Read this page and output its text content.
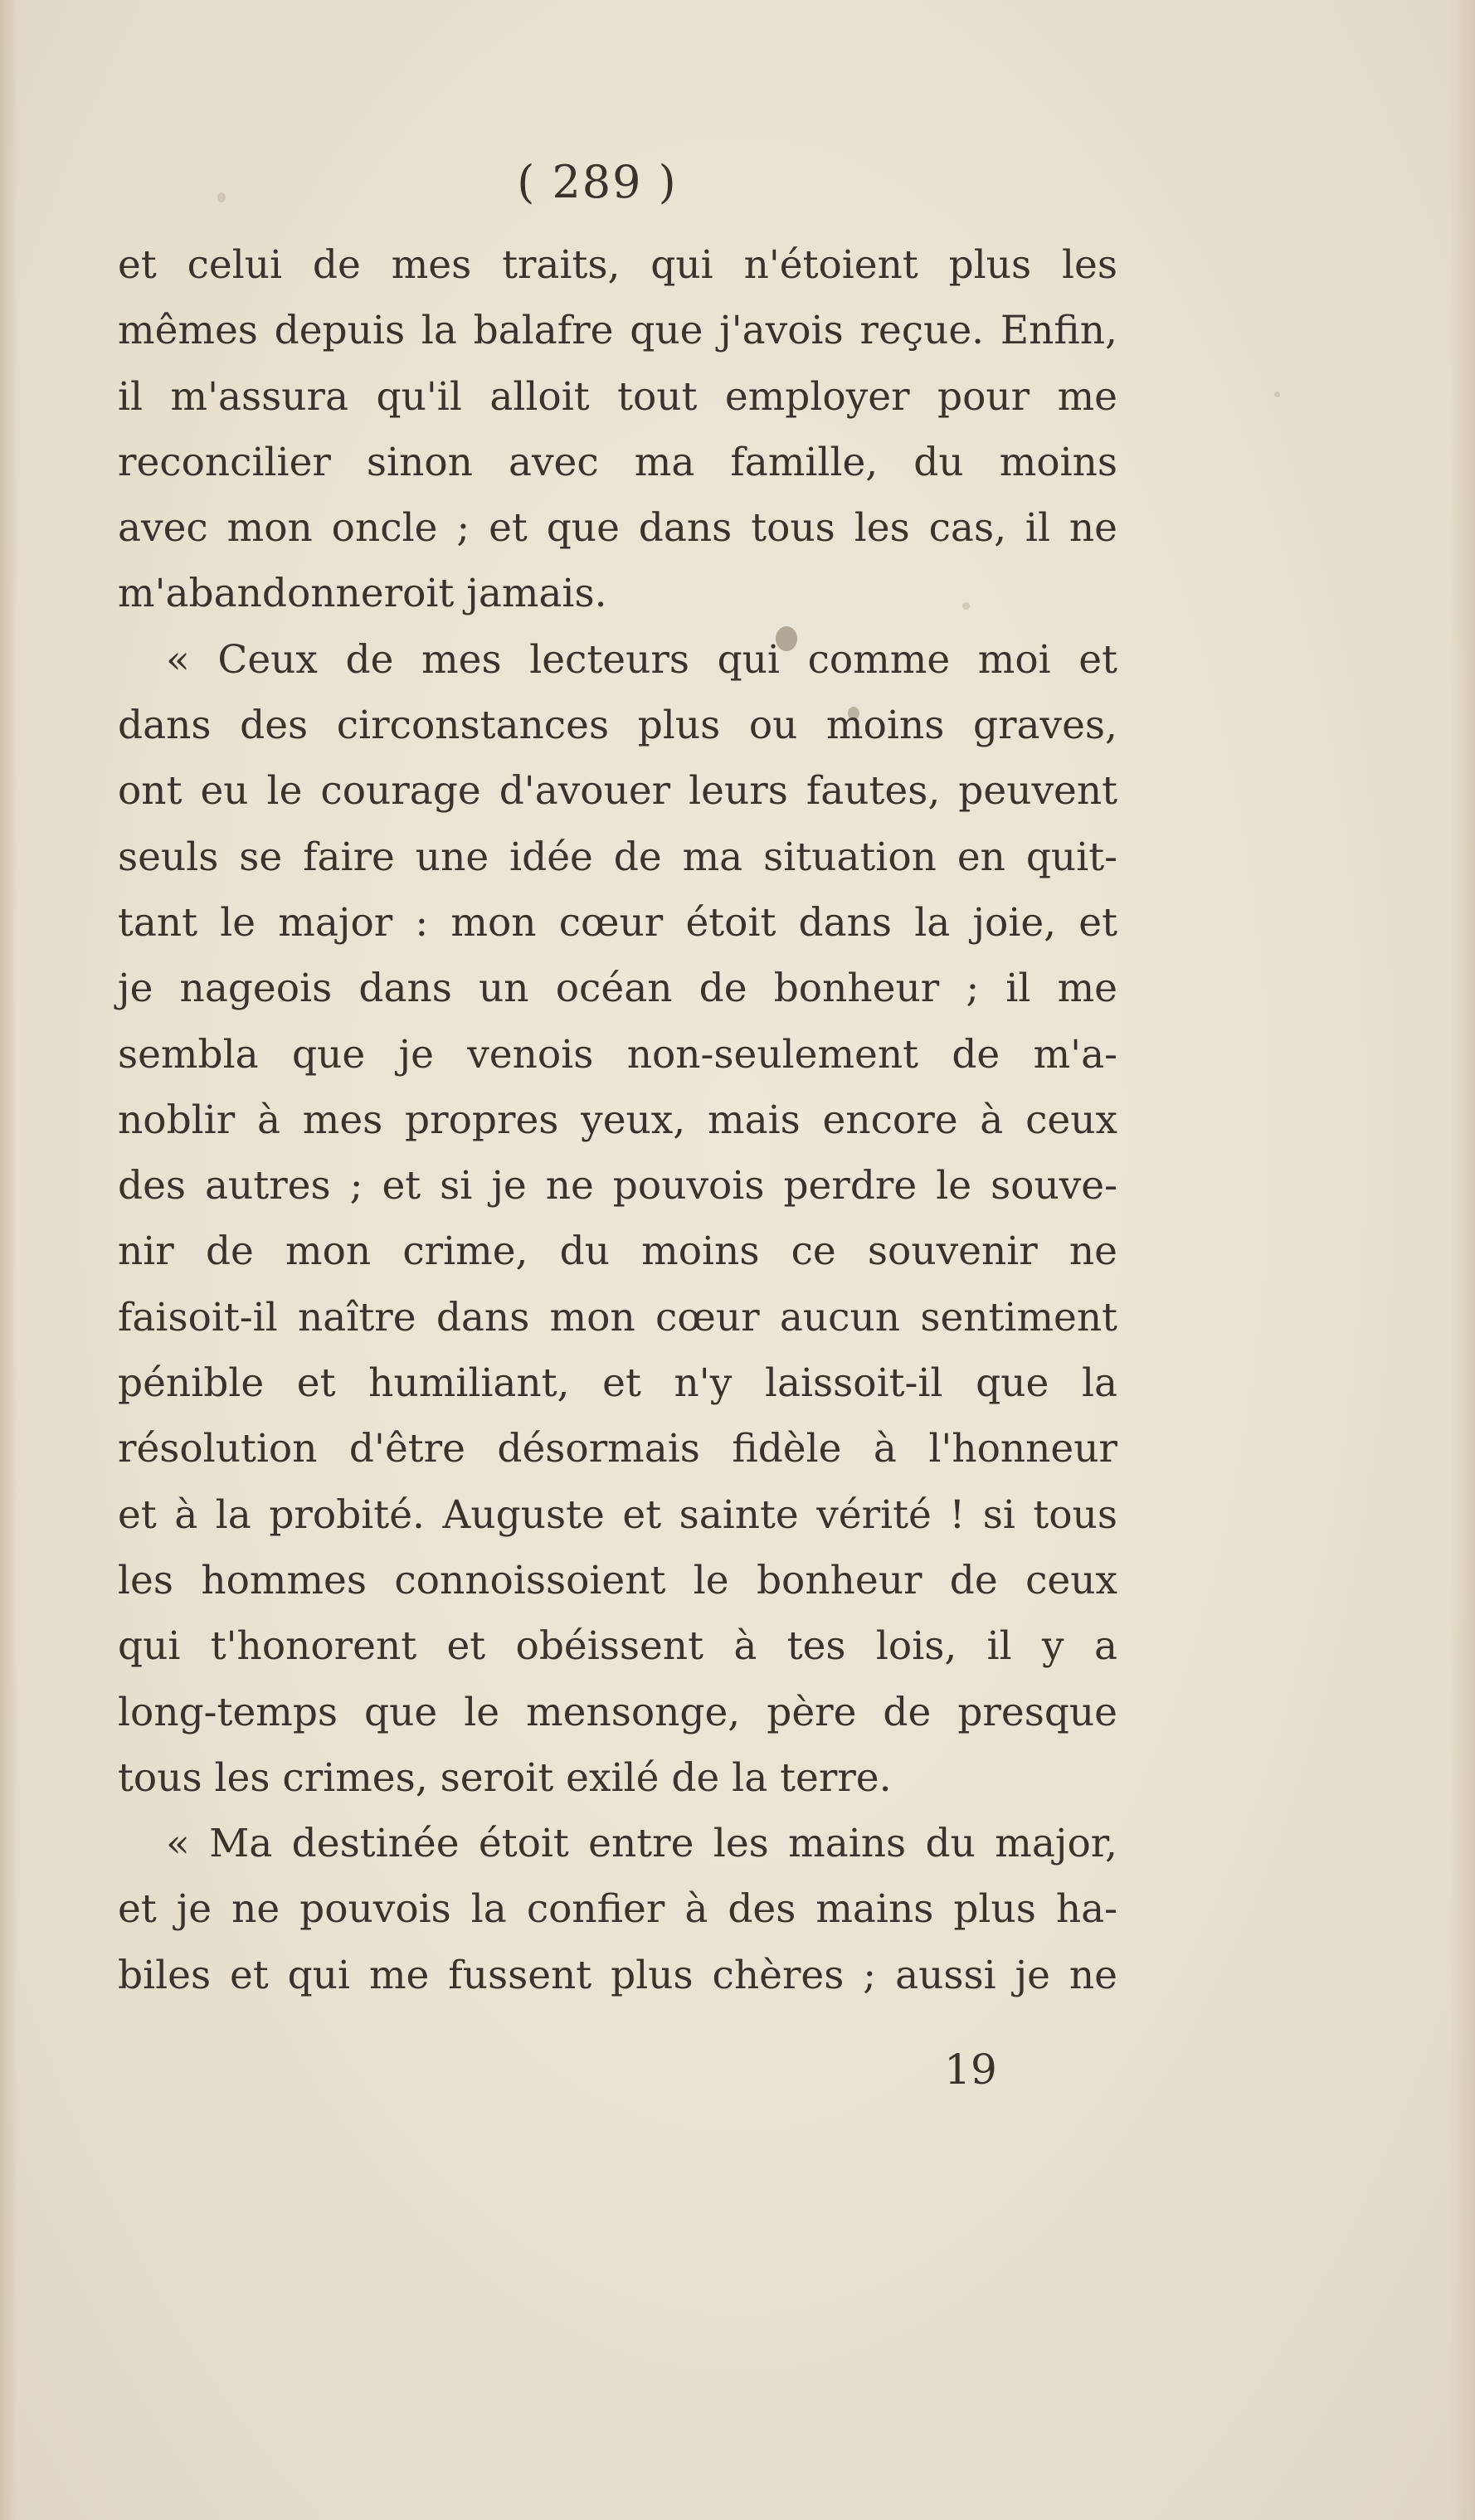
( 289 )
et celui de mes traits, qui n'étoient plus les
mêmes depuis la balafre que j'avois reçue. Enfin,
il m'assura qu'il alloit tout employer pour me
reconcilier sinon avec ma famille, du moins
avec mon oncle ; et que dans tous les cas, il ne
m'abandonneroit jamais.
« Ceux de mes lecteurs qui comme moi et
dans des circonstances plus ou moins graves,
ont eu le courage d'avouer leurs fautes, peuvent
seuls se faire une idée de ma situation en quit-
tant le major : mon cœur étoit dans la joie, et
je nageois dans un océan de bonheur ; il me
sembla que je venois non-seulement de m'a-
noblir à mes propres yeux, mais encore à ceux
des autres ; et si je ne pouvois perdre le souve-
nir de mon crime, du moins ce souvenir ne
faisoit-il naître dans mon cœur aucun sentiment
pénible et humiliant, et n'y laissoit-il que la
résolution d'être désormais fidèle à l'honneur
et à la probité. Auguste et sainte vérité ! si tous
les hommes connoissoient le bonheur de ceux
qui t'honorent et obéissent à tes lois, il y a
long-temps que le mensonge, père de presque
tous les crimes, seroit exilé de la terre.
« Ma destinée étoit entre les mains du major,
et je ne pouvois la confier à des mains plus ha-
biles et qui me fussent plus chères ; aussi je ne
19
